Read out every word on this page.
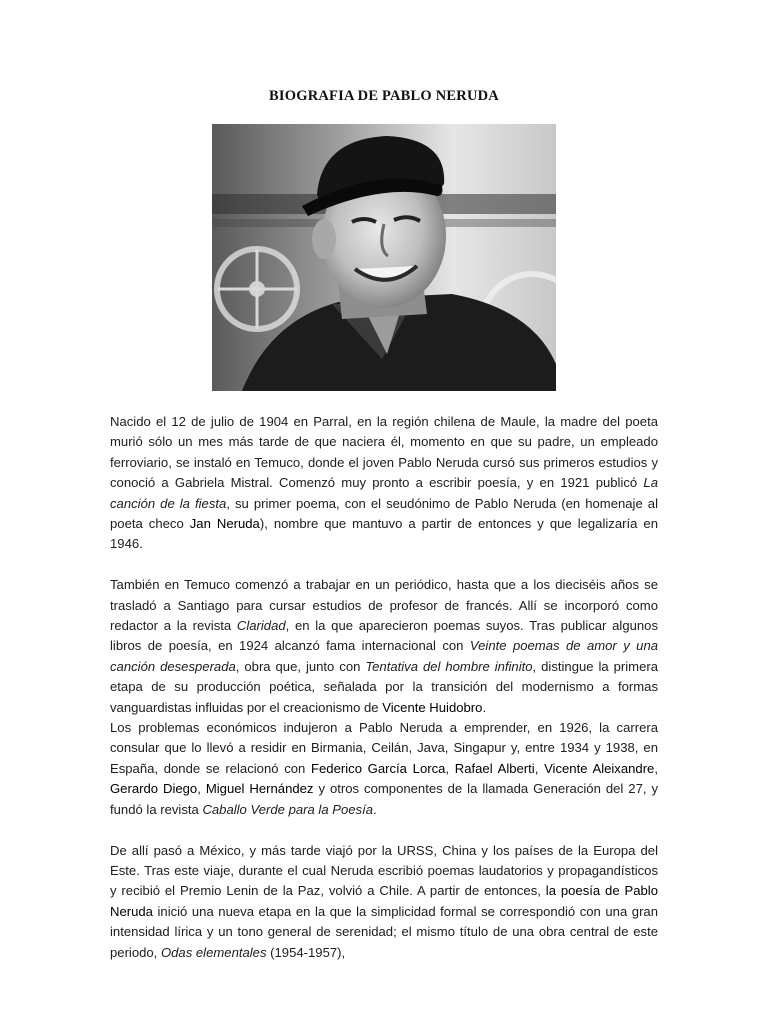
BIOGRAFIA DE PABLO NERUDA

Nacido el 12 de julio de 1904 en Parral, en la región chilena de Maule, la madre del poeta murió sólo un mes más tarde de que naciera él, momento en que su padre, un empleado ferroviario, se instaló en Temuco, donde el joven Pablo Neruda cursó sus primeros estudios y conoció a Gabriela Mistral. Comenzó muy pronto a escribir poesía, y en 1921 publicó La canción de la fiesta, su primer poema, con el seudónimo de Pablo Neruda (en homenaje al poeta checo Jan Neruda), nombre que mantuvo a partir de entonces y que legalizaría en 1946.

También en Temuco comenzó a trabajar en un periódico, hasta que a los dieciséis años se trasladó a Santiago para cursar estudios de profesor de francés. Allí se incorporó como redactor a la revista Claridad, en la que aparecieron poemas suyos. Tras publicar algunos libros de poesía, en 1924 alcanzó fama internacional con Veinte poemas de amor y una canción desesperada, obra que, junto con Tentativa del hombre infinito, distingue la primera etapa de su producción poética, señalada por la transición del modernismo a formas vanguardistas influidas por el creacionismo de Vicente Huidobro.

Los problemas económicos indujeron a Pablo Neruda a emprender, en 1926, la carrera consular que lo llevó a residir en Birmania, Ceilán, Java, Singapur y, entre 1934 y 1938, en España, donde se relacionó con Federico García Lorca, Rafael Alberti, Vicente Aleixandre, Gerardo Diego, Miguel Hernández y otros componentes de la llamada Generación del 27, y fundó la revista Caballo Verde para la Poesía.

De allí pasó a México, y más tarde viajó por la URSS, China y los países de la Europa del Este. Tras este viaje, durante el cual Neruda escribió poemas laudatorios y propagandísticos y recibió el Premio Lenin de la Paz, volvió a Chile. A partir de entonces, la poesía de Pablo Neruda inició una nueva etapa en la que la simplicidad formal se correspondió con una gran intensidad lírica y un tono general de serenidad; el mismo título de una obra central de este periodo, Odas elementales (1954-1957),
